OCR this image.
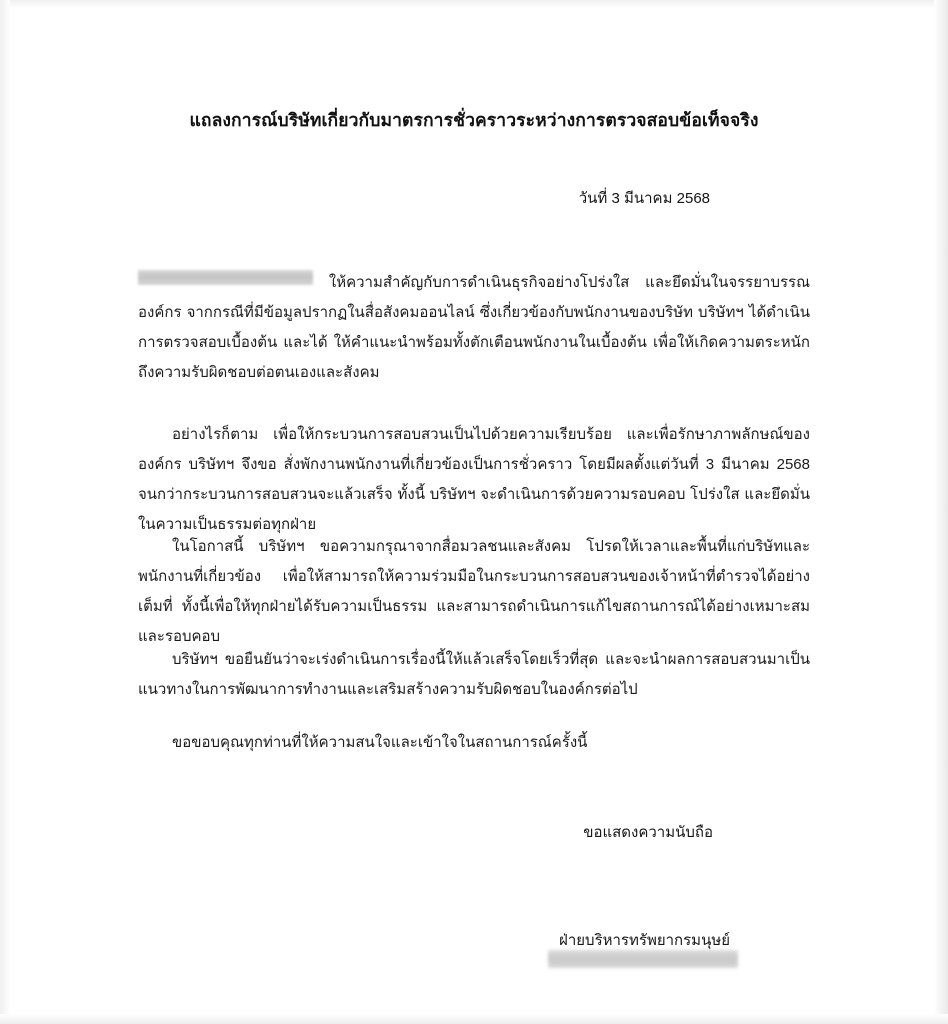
แถลงการณ์บริษัทเกี่ยวกับมาตรการชั่วคราวระหว่างการตรวจสอบข้อเท็จจริง
วันที่ 3 มีนาคม 2568
ให้ความสำคัญกับการดำเนินธุรกิจอย่างโปร่งใส และยึดมั่นในจรรยาบรรณองค์กร จากกรณีที่มีข้อมูลปรากฏในสื่อสังคมออนไลน์ ซึ่งเกี่ยวข้องกับพนักงานของบริษัท บริษัทฯ ได้ดำเนินการตรวจสอบเบื้องต้น และได้ ให้คำแนะนำพร้อมทั้งตักเตือนพนักงานในเบื้องต้น เพื่อให้เกิดความตระหนักถึงความรับผิดชอบต่อตนเองและสังคม
อย่างไรก็ตาม เพื่อให้กระบวนการสอบสวนเป็นไปด้วยความเรียบร้อย และเพื่อรักษาภาพลักษณ์ขององค์กร บริษัทฯ จึงขอ สั่งพักงานพนักงานที่เกี่ยวข้องเป็นการชั่วคราว โดยมีผลตั้งแต่วันที่ 3 มีนาคม 2568 จนกว่ากระบวนการสอบสวนจะแล้วเสร็จ ทั้งนี้ บริษัทฯ จะดำเนินการด้วยความรอบคอบ โปร่งใส และยึดมั่นในความเป็นธรรมต่อทุกฝ่าย
ในโอกาสนี้ บริษัทฯ ขอความกรุณาจากสื่อมวลชนและสังคม โปรดให้เวลาและพื้นที่แก่บริษัทและพนักงานที่เกี่ยวข้อง เพื่อให้สามารถให้ความร่วมมือในกระบวนการสอบสวนของเจ้าหน้าที่ตำรวจได้อย่างเต็มที่ ทั้งนี้เพื่อให้ทุกฝ่ายได้รับความเป็นธรรม และสามารถดำเนินการแก้ไขสถานการณ์ได้อย่างเหมาะสมและรอบคอบ
บริษัทฯ ขอยืนยันว่าจะเร่งดำเนินการเรื่องนี้ให้แล้วเสร็จโดยเร็วที่สุด และจะนำผลการสอบสวนมาเป็นแนวทางในการพัฒนาการทำงานและเสริมสร้างความรับผิดชอบในองค์กรต่อไป
ขอขอบคุณทุกท่านที่ให้ความสนใจและเข้าใจในสถานการณ์ครั้งนี้
ขอแสดงความนับถือ
ฝ่ายบริหารทรัพยากรมนุษย์
